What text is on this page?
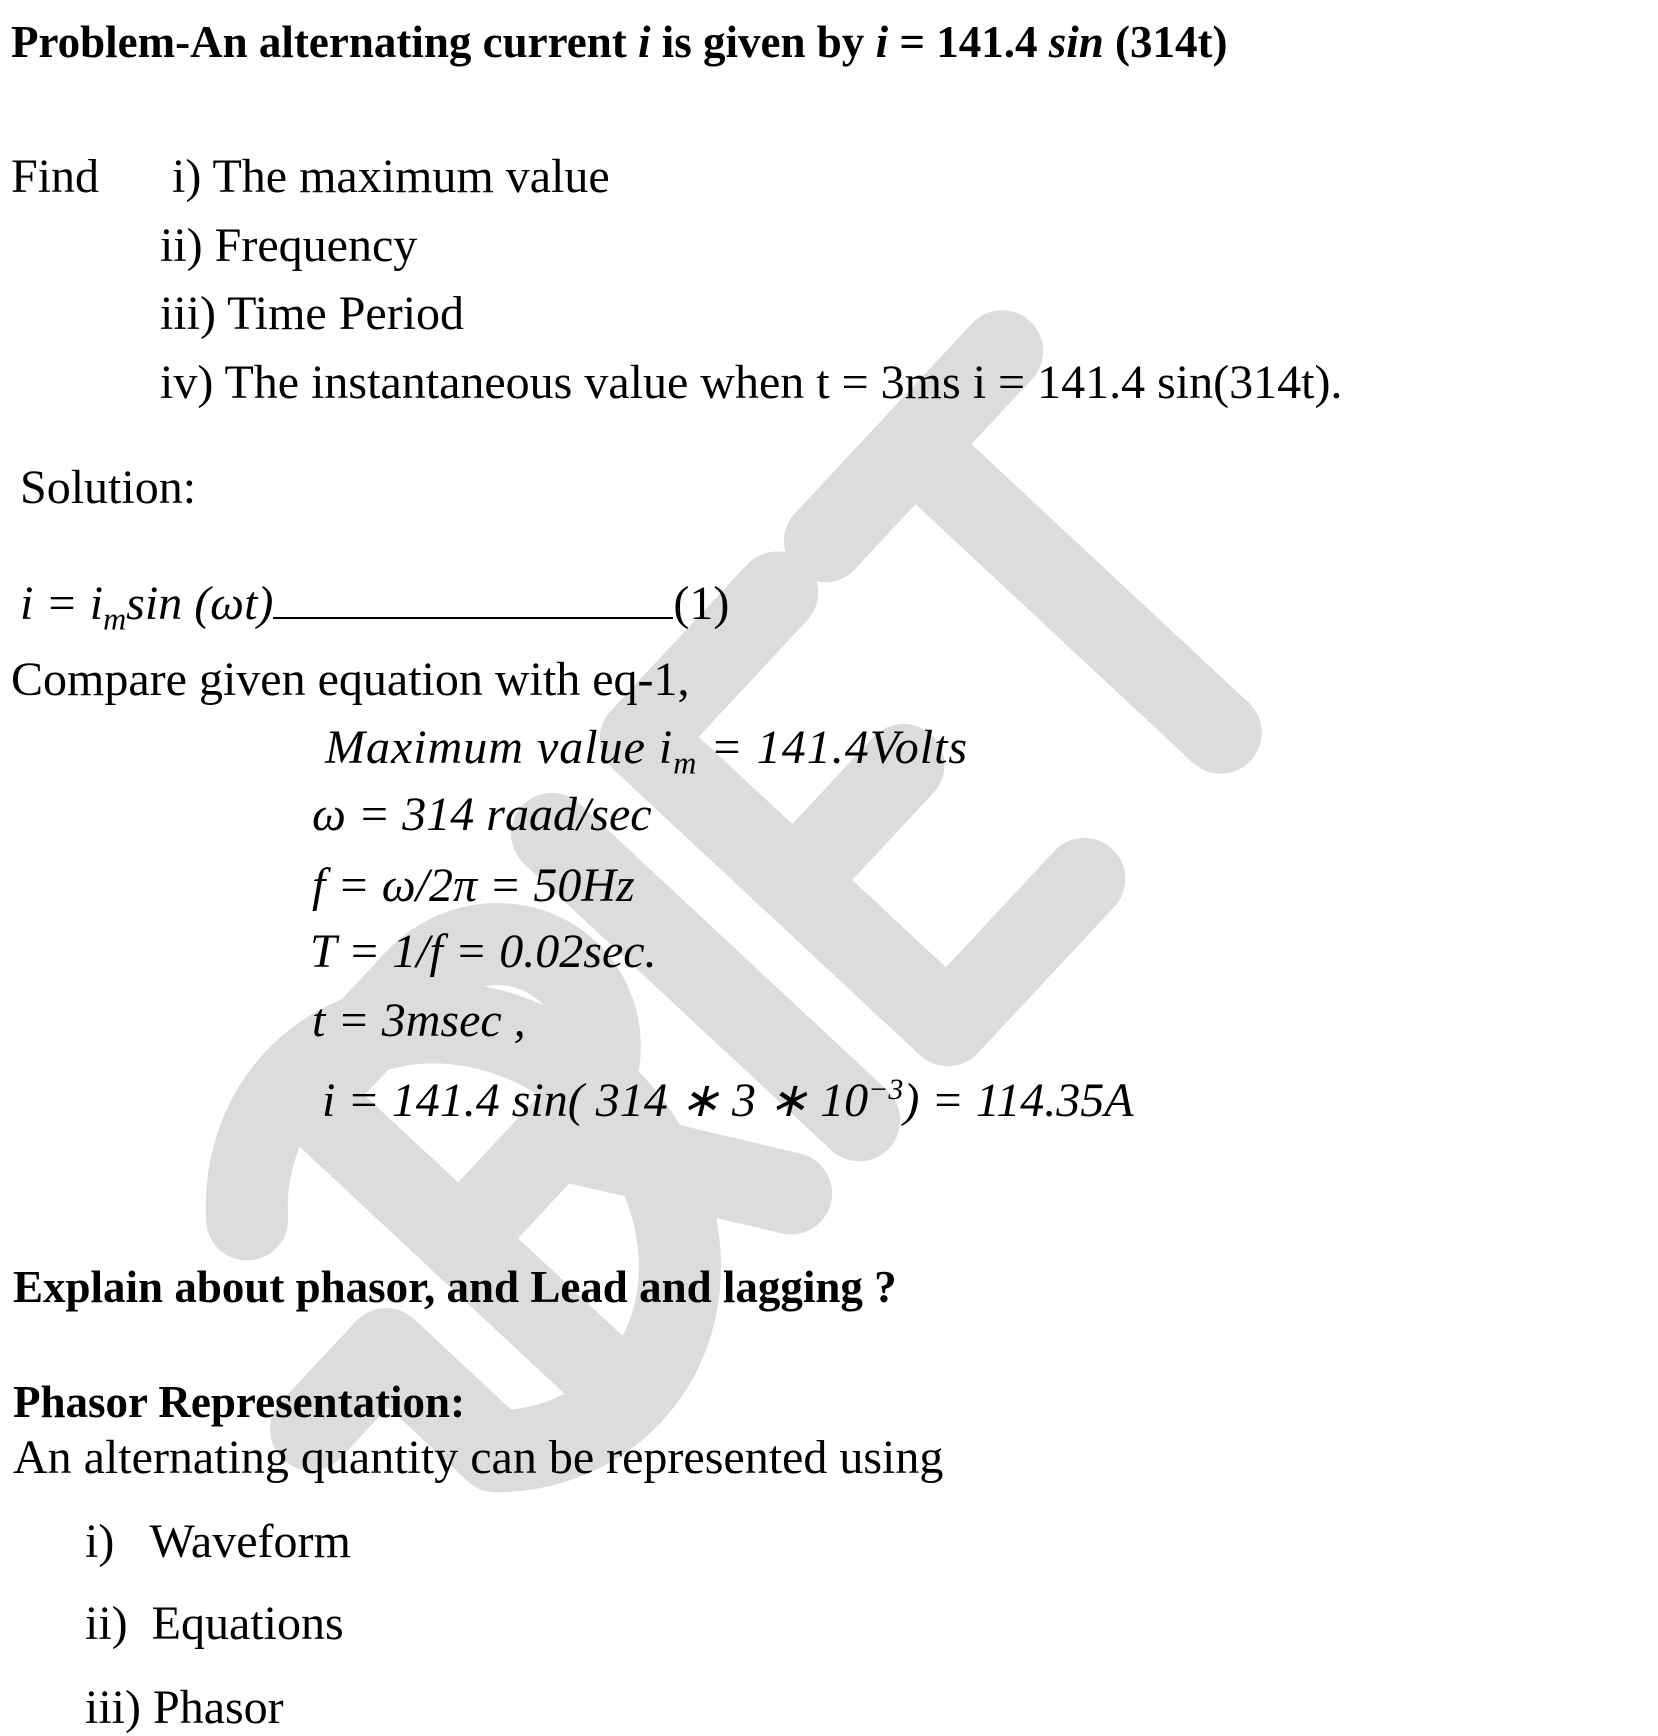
Problem-An alternating current i is given by i = 141.4 sin (314t)
Find i) The maximum value
ii) Frequency
iii) Time Period
iv) The instantaneous value when t = 3ms i = 141.4 sin(314t).
Solution:
$i = i_m\sin$ (ωt)	(1)
Compare given equation with eq-1,
Maximum value $i_m$ = 141.4Volts
ω = 314 raad/sec
f = ω/2π = 50Hz
T = 1/f = 0.02sec.
t = 3msec ,
i = 141.4 sin( 314 ∗ 3 ∗ $10^{-3}) = 114.35A$
Explain about phasor, and Lead and lagging ?
Phasor Representation:
An alternating quantity can be represented using
i)   Waveform
ii)  Equations
iii) Phasor
